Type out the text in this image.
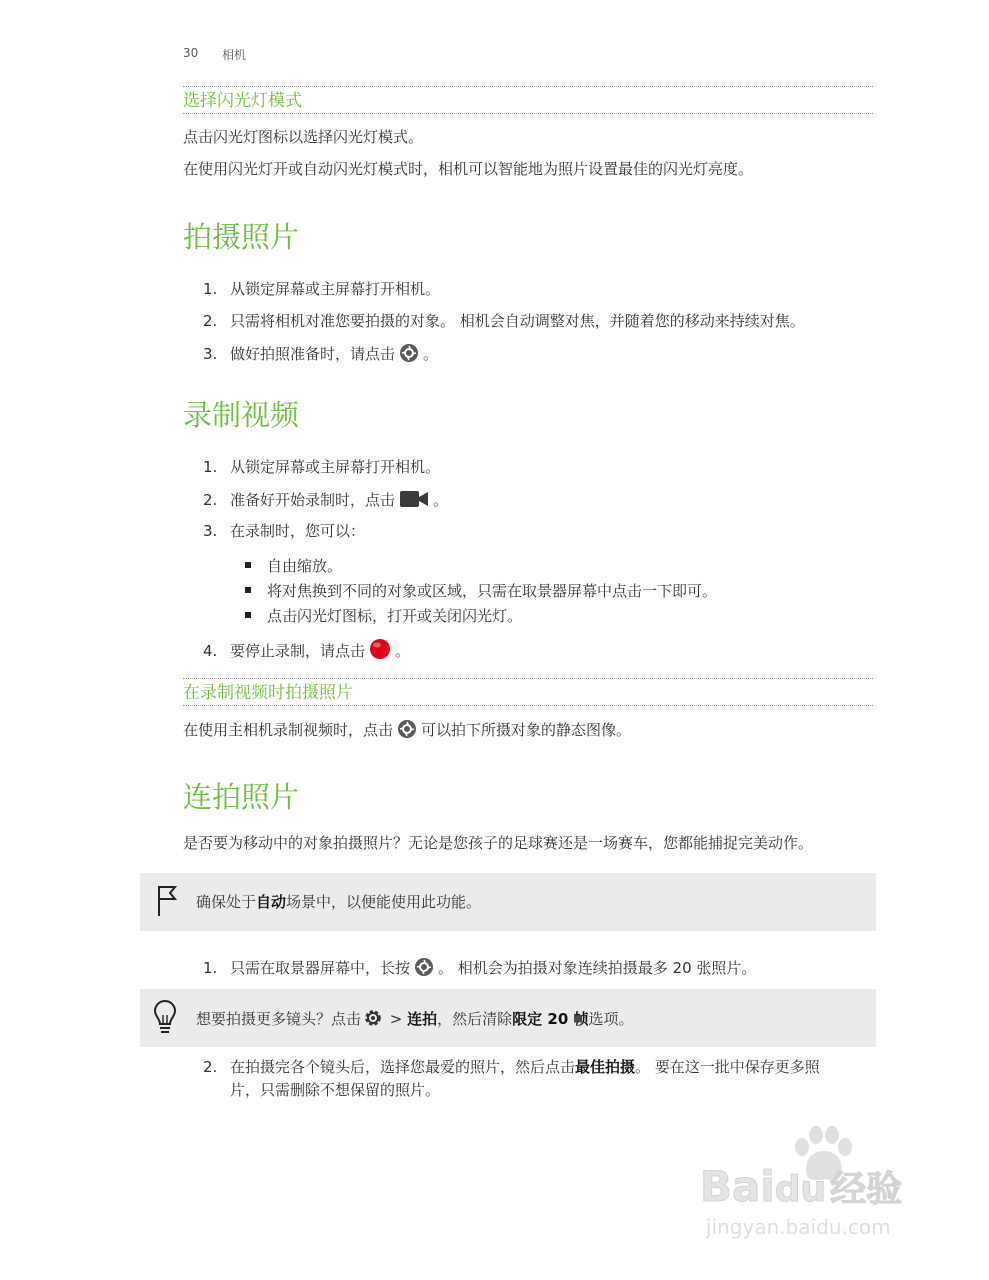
30 相机
选择闪光灯模式
点击闪光灯图标以选择闪光灯模式。
在使用闪光灯开或自动闪光灯模式时，相机可以智能地为照片设置最佳的闪光灯亮度。
拍摄照片
1. 从锁定屏幕或主屏幕打开相机。
2. 只需将相机对准您要拍摄的对象。 相机会自动调整对焦，并随着您的移动来持续对焦。
3. 做好拍照准备时，请点击 。
录制视频
1. 从锁定屏幕或主屏幕打开相机。
2. 准备好开始录制时，点击	。
3. 在录制时，您可以：
自由缩放。
将对焦换到不同的对象或区域，只需在取景器屏幕中点击一下即可。
点击闪光灯图标，打开或关闭闪光灯。
4. 要停止录制，请点击 。
在录制视频时拍摄照片
在使用主相机录制视频时，点击 可以拍下所摄对象的静态图像。
连拍照片
是否要为移动中的对象拍摄照片？无论是您孩子的足球赛还是一场赛车，您都能捕捉完美动作。
确保处于自动场景中，以便能使用此功能。
1. 只需在取景器屏幕中，长按 。 相机会为拍摄对象连续拍摄最多 20 张照片。
想要拍摄更多镜头？点击 > 连拍，然后清除限定 20 帧选项。
2. 在拍摄完各个镜头后，选择您最爱的照片，然后点击最佳拍摄。 要在这一批中保存更多照
片，只需删除不想保留的照片。
Baidu 经验
jingyan.baidu.com
